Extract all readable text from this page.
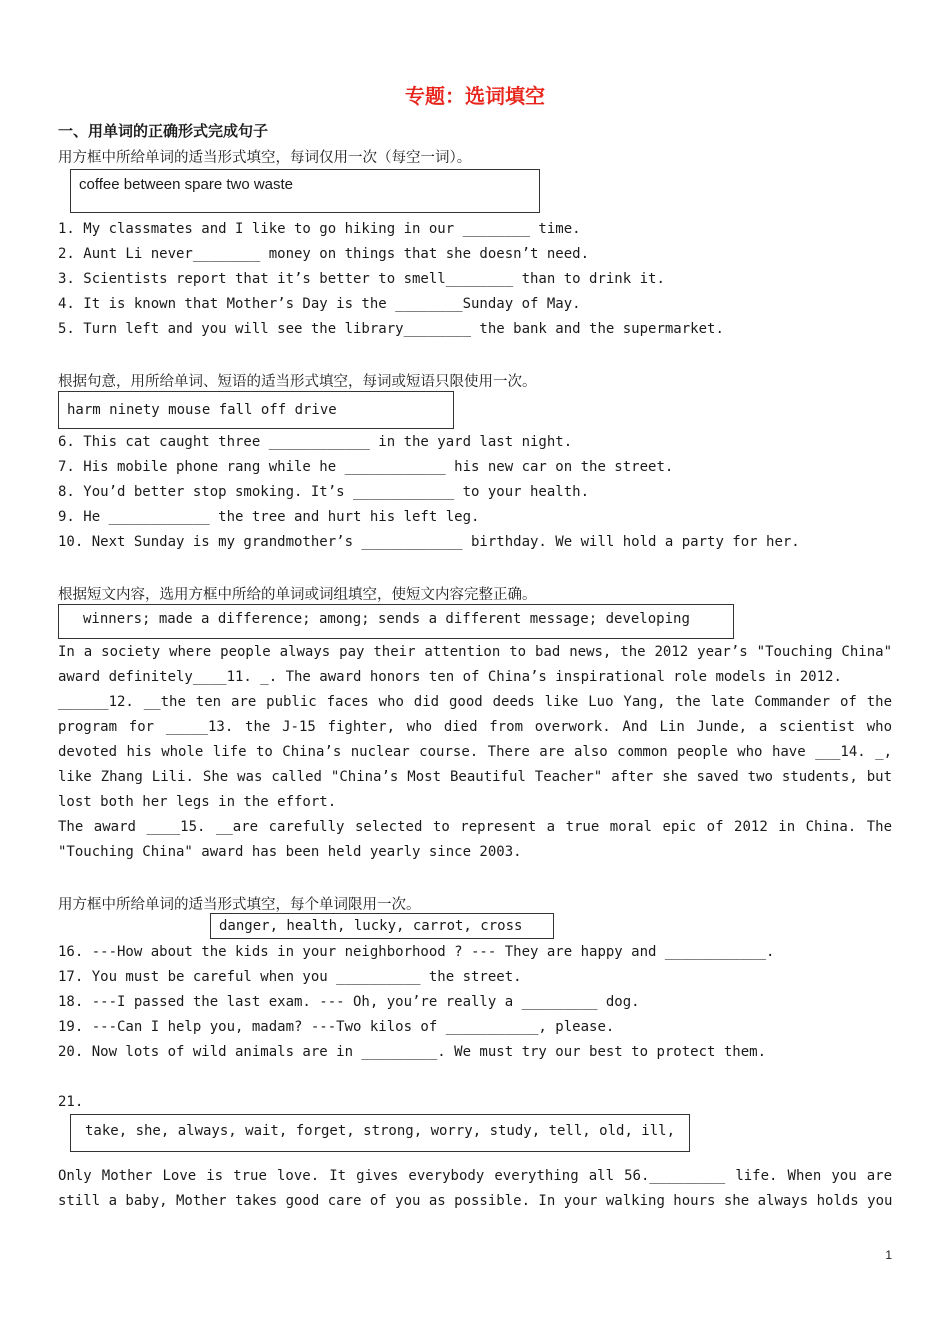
专题：选词填空
一、用单词的正确形式完成句子
用方框中所给单词的适当形式填空，每词仅用一次（每空一词）。
coffee between spare two waste
1. My classmates and I like to go hiking in our ________ time.
2. Aunt Li never________ money on things that she doesn’t need.
3. Scientists report that it’s better to smell________ than to drink it.
4. It is known that Mother’s Day is the ________Sunday of May.
5. Turn left and you will see the library________ the bank and the supermarket.
根据句意，用所给单词、短语的适当形式填空，每词或短语只限使用一次。
harm ninety mouse fall off drive
6. This cat caught three ____________ in the yard last night.
7. His mobile phone rang while he ____________ his new car on the street.
8. You’d better stop smoking. It’s ____________ to your health.
9. He ____________ the tree and hurt his left leg.
10. Next Sunday is my grandmother’s ____________ birthday. We will hold a party for her.
根据短文内容，选用方框中所给的单词或词组填空，使短文内容完整正确。
winners; made a difference; among; sends a different message; developing
In a society where people always pay their attention to bad news, the 2012 year’s "Touching China"
award definitely____11. _. The award honors ten of China’s inspirational role models in 2012.
______12. __the ten are public faces who did good deeds like Luo Yang, the late Commander of the
program for _____13. the J-15 fighter, who died from overwork. And Lin Junde, a scientist who
devoted his whole life to China’s nuclear course. There are also common people who have ___14. _,
like Zhang Lili. She was called "China’s Most Beautiful Teacher" after she saved two students, but
lost both her legs in the effort.
The award ____15. __are carefully selected to represent a true moral epic of 2012 in China. The
"Touching China" award has been held yearly since 2003.
用方框中所给单词的适当形式填空，每个单词限用一次。
danger, health, lucky, carrot, cross
16. ---How about the kids in your neighborhood ? --- They are happy and ____________.
17. You must be careful when you __________ the street.
18. ---I passed the last exam. --- Oh, you’re really a _________ dog.
19. ---Can I help you, madam? ---Two kilos of ___________, please.
20. Now lots of wild animals are in _________. We must try our best to protect them.
21.
take, she, always, wait, forget, strong, worry, study, tell, old, ill,
Only Mother Love is true love. It gives everybody everything all 56._________ life. When you are
still a baby, Mother takes good care of you as possible. In your walking hours she always holds you
1
